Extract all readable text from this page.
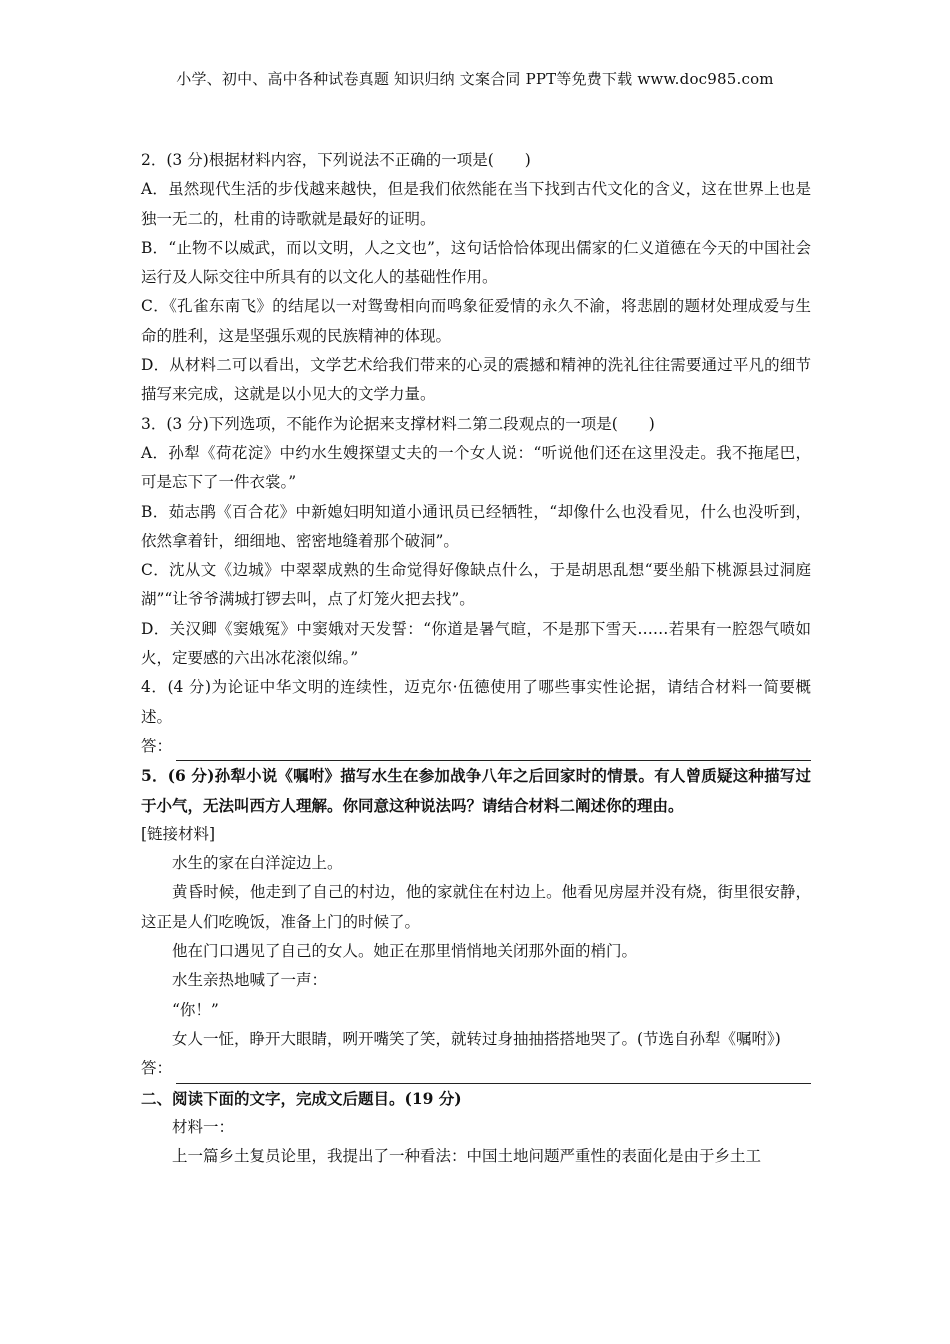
小学、初中、高中各种试卷真题 知识归纳 文案合同 PPT等免费下载 www.doc985.com

2．(3 分)根据材料内容，下列说法不正确的一项是(　　)

A．虽然现代生活的步伐越来越快，但是我们依然能在当下找到古代文化的含义，这在世界上也是独一无二的，杜甫的诗歌就是最好的证明。

B．“止物不以威武，而以文明，人之文也”，这句话恰恰体现出儒家的仁义道德在今天的中国社会运行及人际交往中所具有的以文化人的基础性作用。

C．《孔雀东南飞》的结尾以一对鸳鸯相向而鸣象征爱情的永久不渝，将悲剧的题材处理成爱与生命的胜利，这是坚强乐观的民族精神的体现。

D．从材料二可以看出，文学艺术给我们带来的心灵的震撼和精神的洗礼往往需要通过平凡的细节描写来完成，这就是以小见大的文学力量。

3．(3 分)下列选项，不能作为论据来支撑材料二第二段观点的一项是(　　)

A．孙犁《荷花淀》中约水生嫂探望丈夫的一个女人说：“听说他们还在这里没走。我不拖尾巴，可是忘下了一件衣裳。”

B．茹志鹃《百合花》中新媳妇明知道小通讯员已经牺牲，“却像什么也没看见，什么也没听到，依然拿着针，细细地、密密地缝着那个破洞”。

C．沈从文《边城》中翠翠成熟的生命觉得好像缺点什么，于是胡思乱想“要坐船下桃源县过洞庭湖”“让爷爷满城打锣去叫，点了灯笼火把去找”。

D．关汉卿《窦娥冤》中窦娥对天发誓：“你道是暑气暄，不是那下雪天……若果有一腔怨气喷如火，定要感的六出冰花滚似绵。”

4．(4 分)为论证中华文明的连续性，迈克尔·伍德使用了哪些事实性论据，请结合材料一简要概述。

答：

5．(6 分)孙犁小说《嘱咐》描写水生在参加战争八年之后回家时的情景。有人曾质疑这种描写过于小气，无法叫西方人理解。你同意这种说法吗？请结合材料二阐述你的理由。

[链接材料]

水生的家在白洋淀边上。

黄昏时候，他走到了自己的村边，他的家就住在村边上。他看见房屋并没有烧，街里很安静，这正是人们吃晚饭，准备上门的时候了。

他在门口遇见了自己的女人。她正在那里悄悄地关闭那外面的梢门。

水生亲热地喊了一声：

“你！”

女人一怔，睁开大眼睛，咧开嘴笑了笑，就转过身抽抽搭搭地哭了。(节选自孙犁《嘱咐》)

答：

二、阅读下面的文字，完成文后题目。(19 分)

材料一：

上一篇乡土复员论里，我提出了一种看法：中国土地问题严重性的表面化是由于乡土工
